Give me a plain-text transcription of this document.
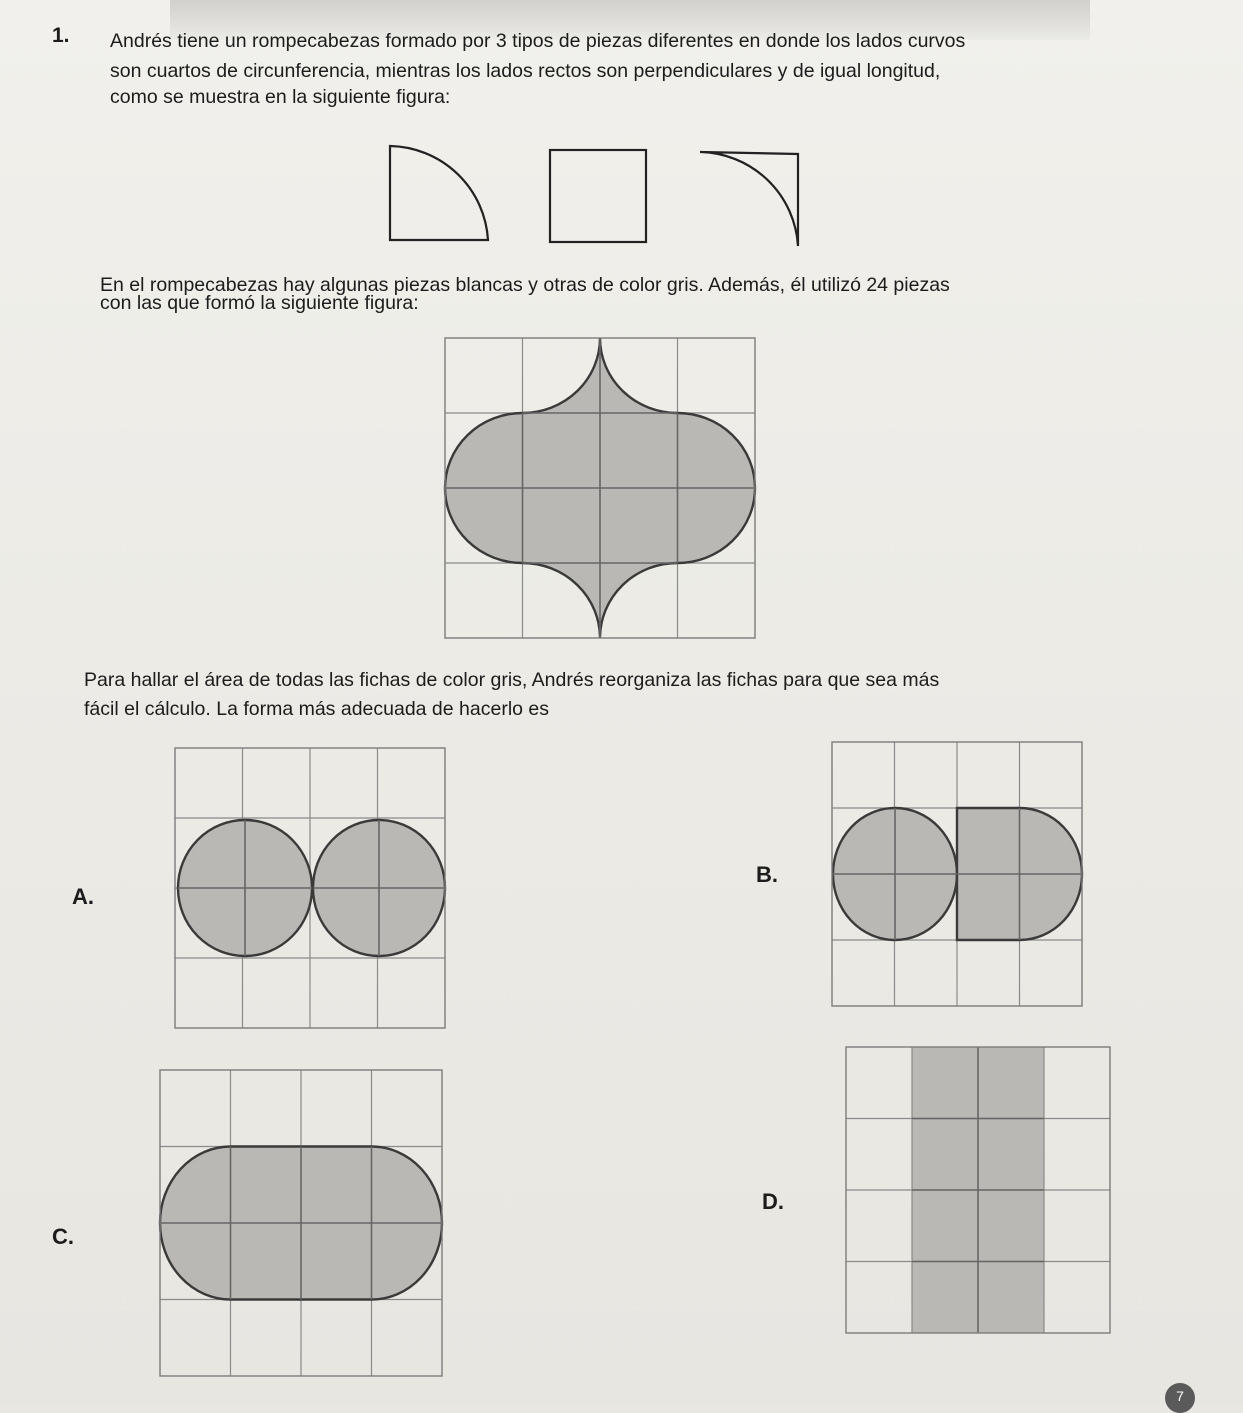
1. Andrés tiene un rompecabezas formado por 3 tipos de piezas diferentes en donde los lados curvos
son cuartos de circunferencia, mientras los lados rectos son perpendiculares y de igual longitud,
como se muestra en la siguiente figura:
En el rompecabezas hay algunas piezas blancas y otras de color gris. Además, él utilizó 24 piezas
con las que formó la siguiente figura:
Para hallar el área de todas las fichas de color gris, Andrés reorganiza las fichas para que sea más
fácil el cálculo. La forma más adecuada de hacerlo es
A.
B.
C.
D.
7
